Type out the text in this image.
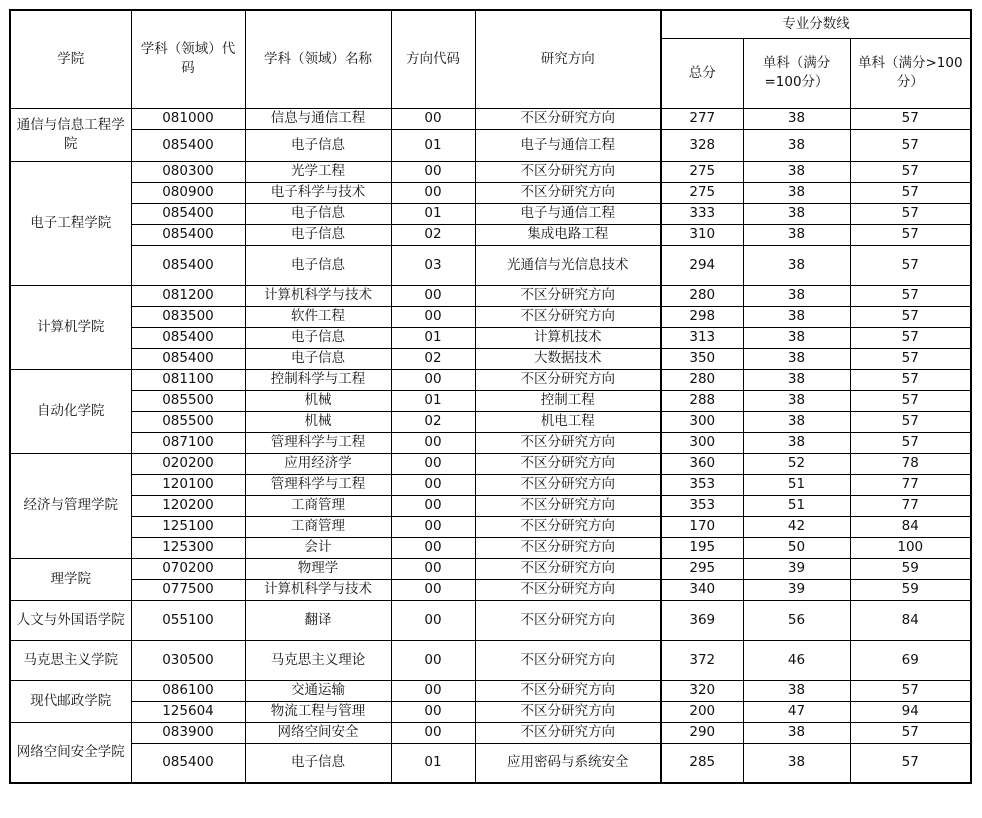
学院	学科（领域）代码	学科（领域）名称	方向代码	研究方向	专业分数线		
					总分	单科（满分=100分）	单科（满分>100分）
通信与信息工程学院	081000	信息与通信工程	00	不区分研究方向	277	38	57
	085400	电子信息	01	电子与通信工程	328	38	57
电子工程学院	080300	光学工程	00	不区分研究方向	275	38	57
	080900	电子科学与技术	00	不区分研究方向	275	38	57
	085400	电子信息	01	电子与通信工程	333	38	57
	085400	电子信息	02	集成电路工程	310	38	57
	085400	电子信息	03	光通信与光信息技术	294	38	57
计算机学院	081200	计算机科学与技术	00	不区分研究方向	280	38	57
	083500	软件工程	00	不区分研究方向	298	38	57
	085400	电子信息	01	计算机技术	313	38	57
	085400	电子信息	02	大数据技术	350	38	57
自动化学院	081100	控制科学与工程	00	不区分研究方向	280	38	57
	085500	机械	01	控制工程	288	38	57
	085500	机械	02	机电工程	300	38	57
	087100	管理科学与工程	00	不区分研究方向	300	38	57
经济与管理学院	020200	应用经济学	00	不区分研究方向	360	52	78
	120100	管理科学与工程	00	不区分研究方向	353	51	77
	120200	工商管理	00	不区分研究方向	353	51	77
	125100	工商管理	00	不区分研究方向	170	42	84
	125300	会计	00	不区分研究方向	195	50	100
理学院	070200	物理学	00	不区分研究方向	295	39	59
	077500	计算机科学与技术	00	不区分研究方向	340	39	59
人文与外国语学院	055100	翻译	00	不区分研究方向	369	56	84
马克思主义学院	030500	马克思主义理论	00	不区分研究方向	372	46	69
现代邮政学院	086100	交通运输	00	不区分研究方向	320	38	57
	125604	物流工程与管理	00	不区分研究方向	200	47	94
网络空间安全学院	083900	网络空间安全	00	不区分研究方向	290	38	57
	085400	电子信息	01	应用密码与系统安全	285	38	57
